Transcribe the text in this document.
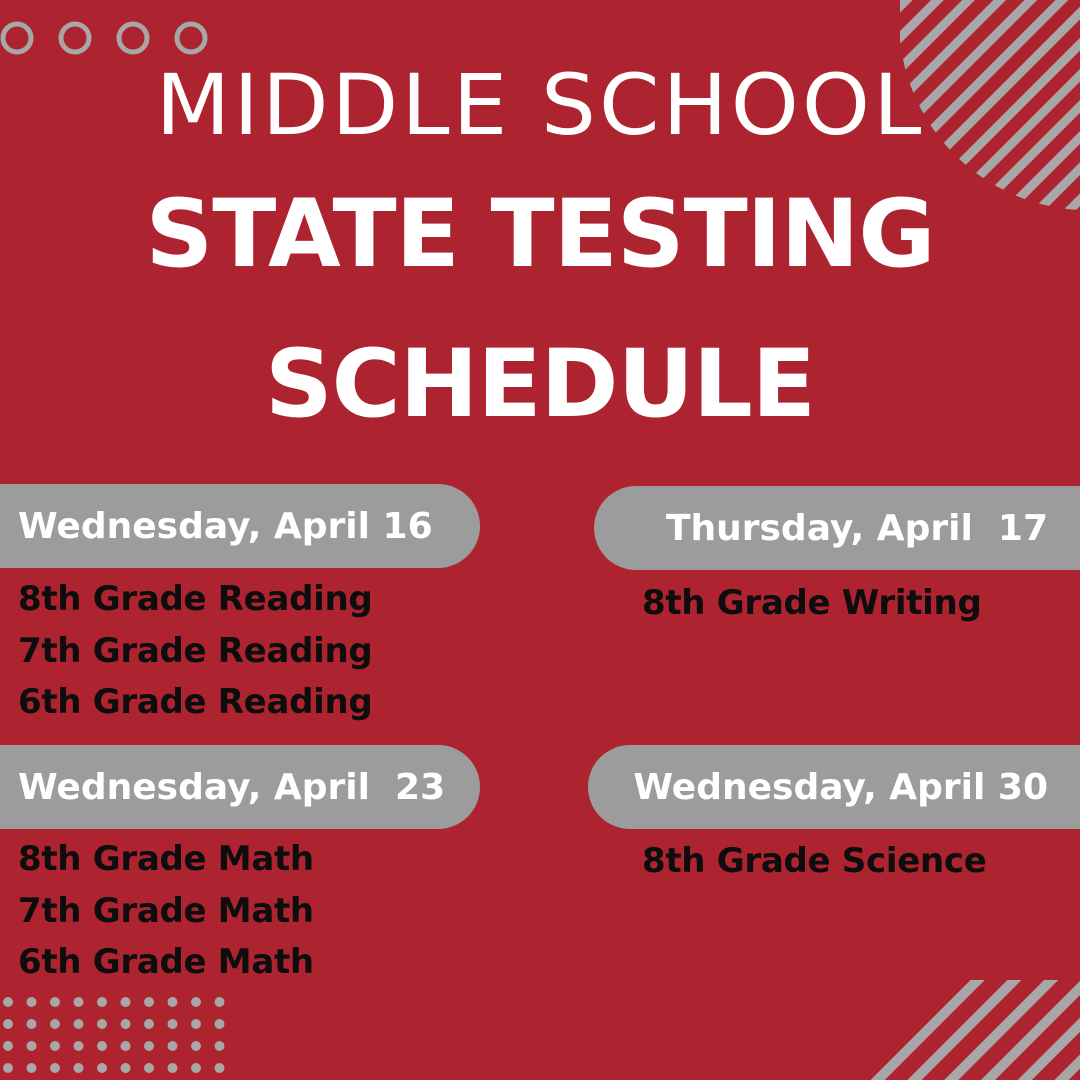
MIDDLE SCHOOL
STATE TESTING
SCHEDULE
Wednesday, April 16
8th Grade Reading
7th Grade Reading
6th Grade Reading
Thursday, April  17
8th Grade Writing
Wednesday, April  23
8th Grade Math
7th Grade Math
6th Grade Math
Wednesday, April 30
8th Grade Science
